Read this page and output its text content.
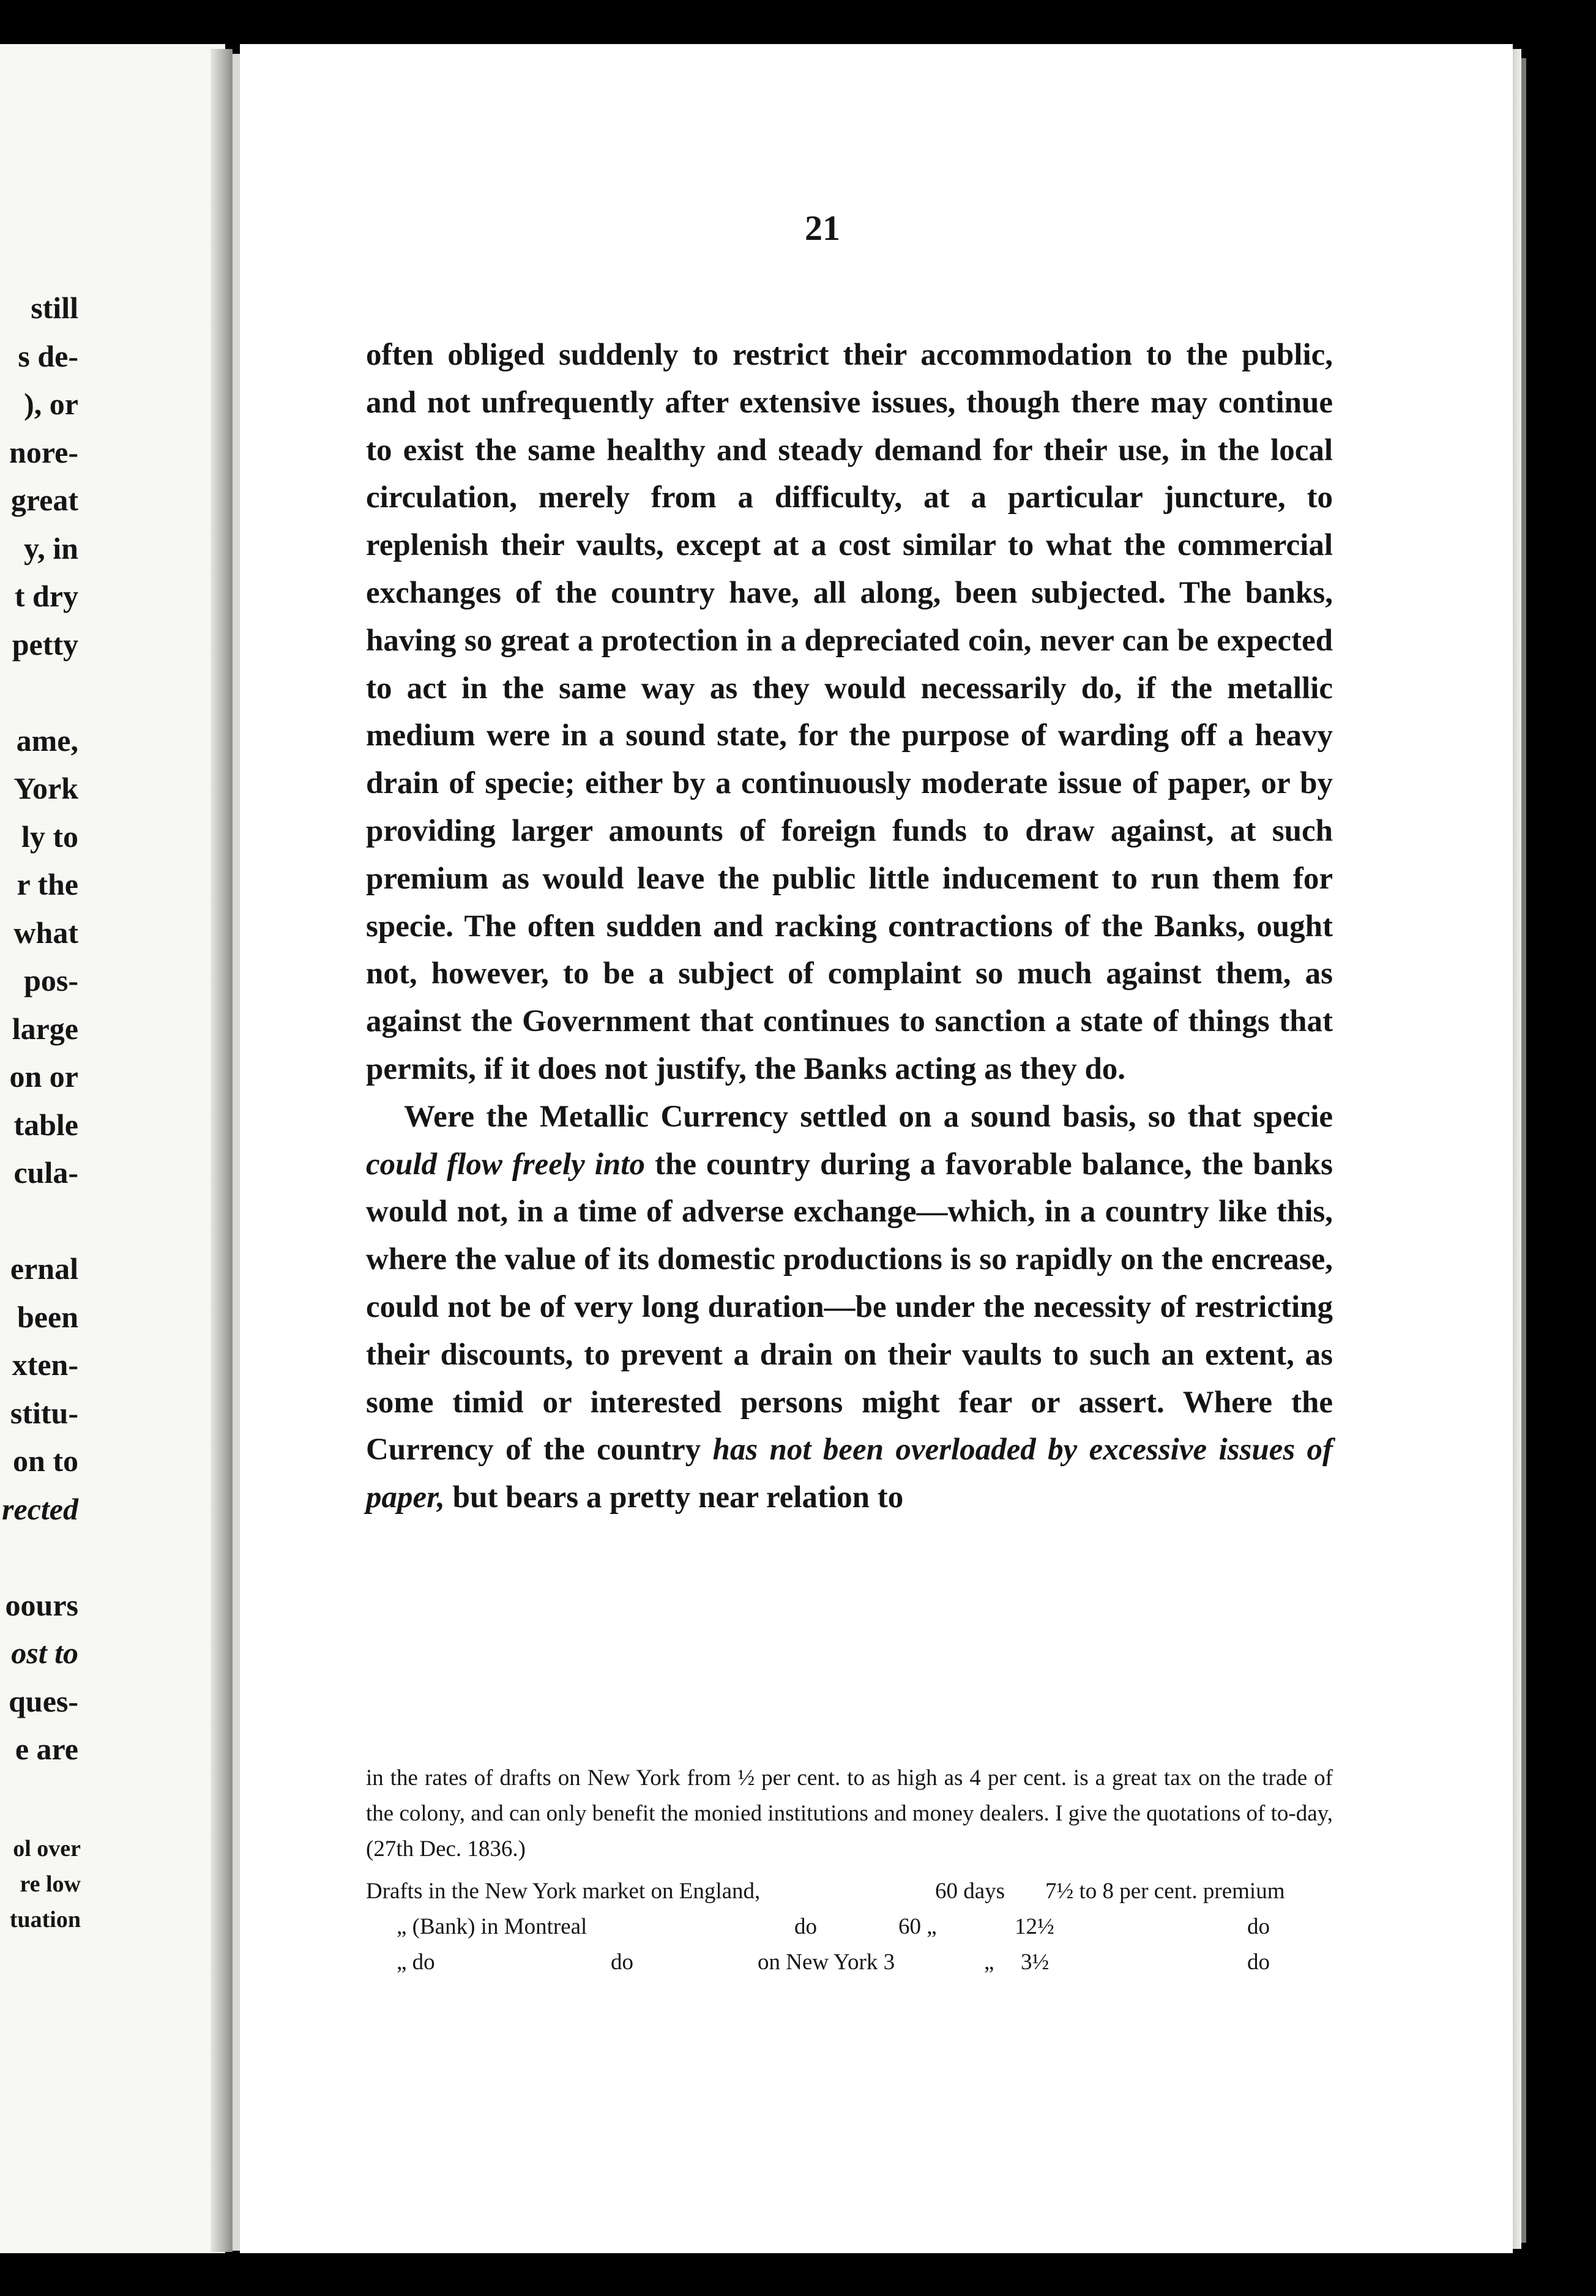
still
s de-
), or
nore-
great
y, in
t dry
petty
ame,
York
ly to
r the
what
pos-
large
on or
table
cula-
ernal
been
xten-
stitu-
on to
rected
oours
ost to
ques-
e are
ol over
re low
tuation
21

often obliged suddenly to restrict their accommodation to the public, and not unfrequently after extensive issues, though there may continue to exist the same healthy and steady demand for their use, in the local circulation, merely from a difficulty, at a particular juncture, to replenish their vaults, except at a cost similar to what the commercial exchanges of the country have, all along, been subjected. The banks, having so great a protection in a depreciated coin, never can be expected to act in the same way as they would necessarily do, if the metallic medium were in a sound state, for the purpose of warding off a heavy drain of specie; either by a continuously moderate issue of paper, or by providing larger amounts of foreign funds to draw against, at such premium as would leave the public little inducement to run them for specie. The often sudden and racking contractions of the Banks, ought not, however, to be a subject of complaint so much against them, as against the Government that continues to sanction a state of things that permits, if it does not justify, the Banks acting as they do.

Were the Metallic Currency settled on a sound basis, so that specie could flow freely into the country during a favorable balance, the banks would not, in a time of adverse exchange—which, in a country like this, where the value of its domestic productions is so rapidly on the encrease, could not be of very long duration—be under the necessity of restricting their discounts, to prevent a drain on their vaults to such an extent, as some timid or interested persons might fear or assert. Where the Currency of the country has not been overloaded by excessive issues of paper, but bears a pretty near relation to

in the rates of drafts on New York from ½ per cent. to as high as 4 per cent. is a great tax on the trade of the colony, and can only benefit the monied institutions and money dealers. I give the quotations of to-day, (27th Dec. 1836.)
Drafts in the New York market on England,	60 days 7½ to 8 per cent. premium
„ (Bank) in Montreal	do	60 „	12½	do
„ do	do	on New York 3	„ 3½	do
